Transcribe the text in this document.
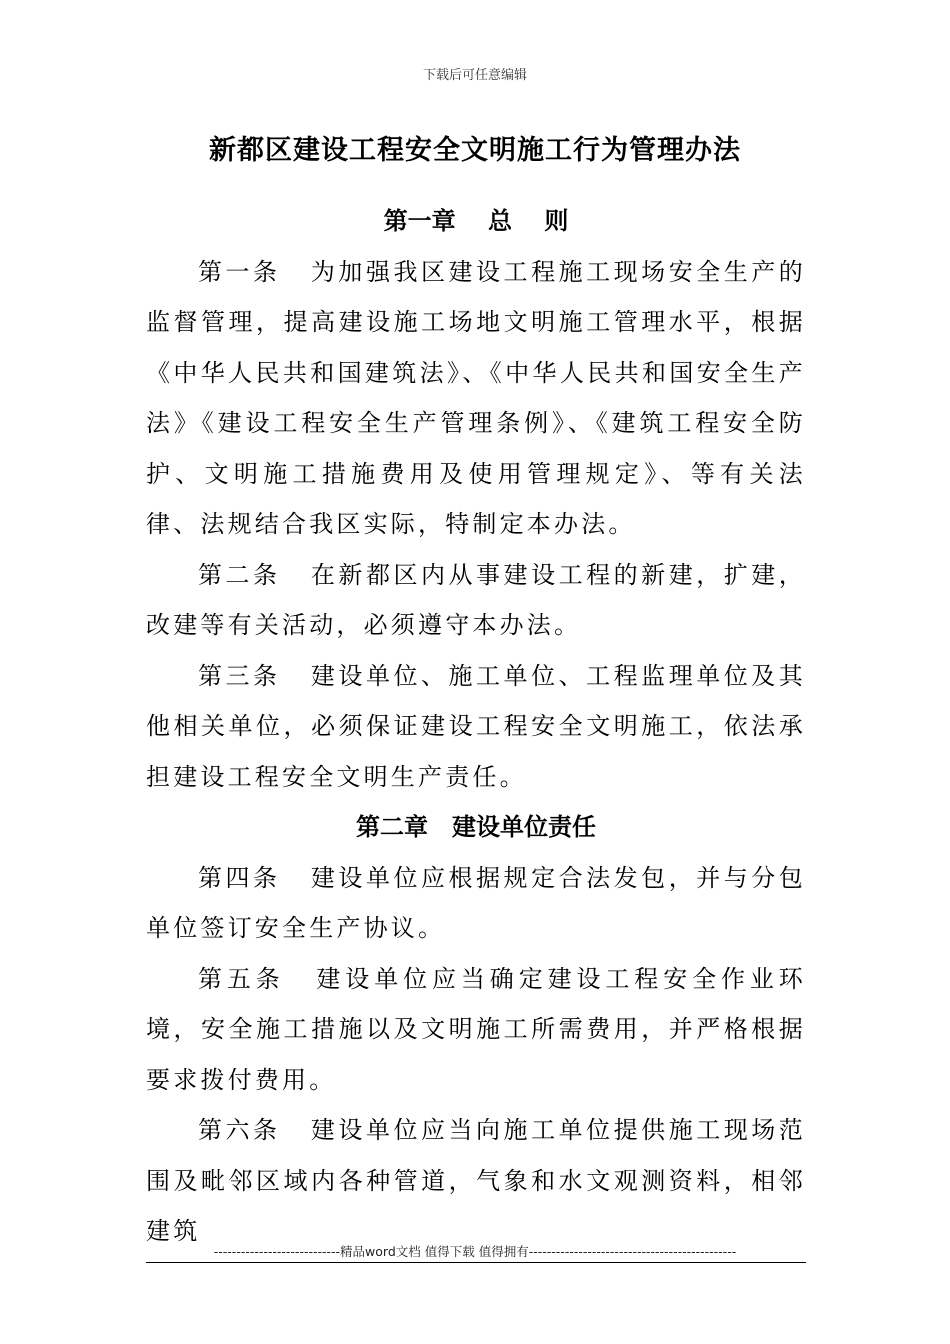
下载后可任意编辑
新都区建设工程安全文明施工行为管理办法
第一章　 总　 则

第一条 为加强我区建设工程施工现场安全生产的监督管理，提高建设施工场地文明施工管理水平，根据《中华人民共和国建筑法》、《中华人民共和国安全生产法》《建设工程安全生产管理条例》、《建筑工程安全防护、文明施工措施费用及使用管理规定》、等有关法律、法规结合我区实际，特制定本办法。

第二条 在新都区内从事建设工程的新建，扩建，改建等有关活动，必须遵守本办法。

第三条 建设单位、施工单位、工程监理单位及其他相关单位，必须保证建设工程安全文明施工，依法承担建设工程安全文明生产责任。

第二章　建设单位责任

第四条 建设单位应根据规定合法发包，并与分包单位签订安全生产协议。

第五条 建设单位应当确定建设工程安全作业环境，安全施工措施以及文明施工所需费用，并严格根据要求拨付费用。

第六条 建设单位应当向施工单位提供施工现场范围及毗邻区域内各种管道，气象和水文观测资料，相邻建筑

----------------------------精品word文档 值得下载 值得拥有----------------------------------------------
